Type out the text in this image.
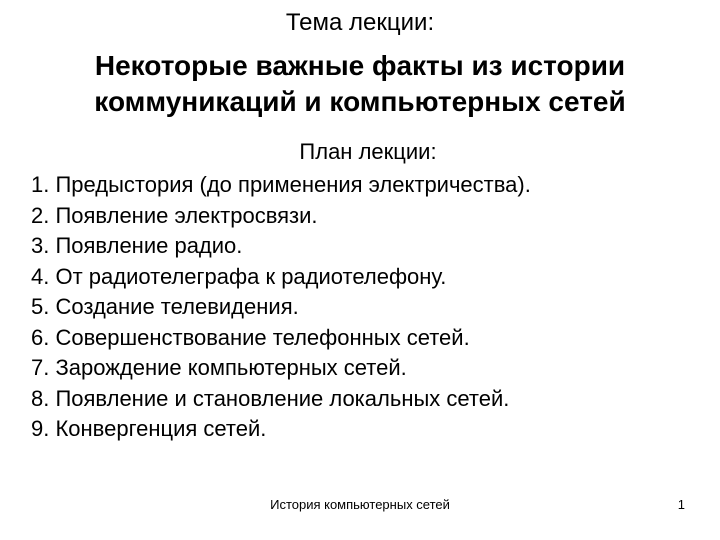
Тема лекции:
Некоторые важные факты из истории
коммуникаций и компьютерных сетей
План лекции:
1. Предыстория (до применения электричества).
2. Появление электросвязи.
3. Появление радио.
4. От радиотелеграфа к радиотелефону.
5. Создание телевидения.
6. Совершенствование телефонных сетей.
7. Зарождение компьютерных сетей.
8. Появление и становление локальных сетей.
9. Конвергенция сетей.
История компьютерных сетей	1
